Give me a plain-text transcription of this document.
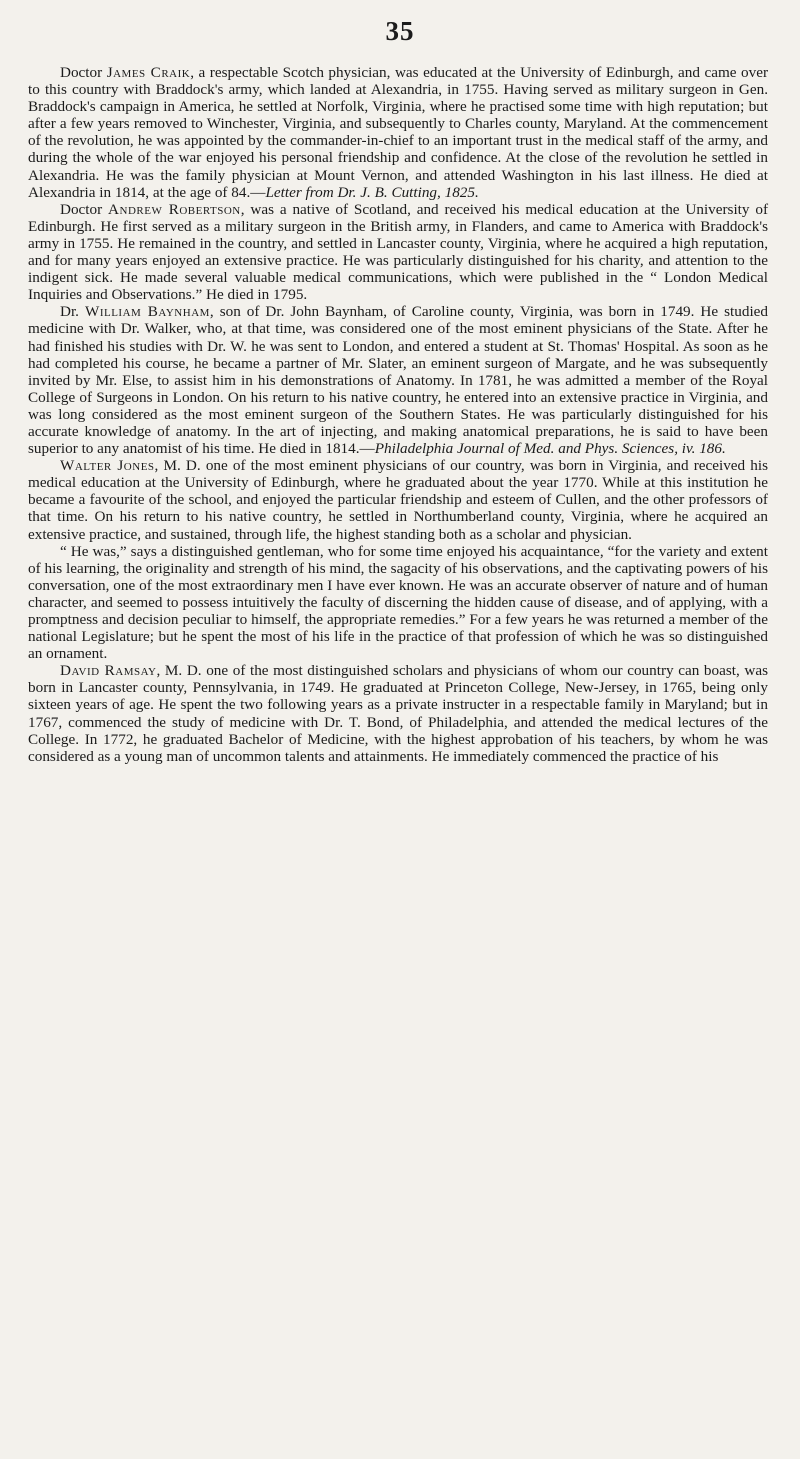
35

Doctor James Craik, a respectable Scotch physician, was educated at the University of Edinburgh, and came over to this country with Braddock's army, which landed at Alexandria, in 1755. Having served as military surgeon in Gen. Braddock's campaign in America, he settled at Norfolk, Virginia, where he practised some time with high reputation; but after a few years removed to Winchester, Virginia, and subsequently to Charles county, Maryland. At the commencement of the revolution, he was appointed by the commander-in-chief to an important trust in the medical staff of the army, and during the whole of the war enjoyed his personal friendship and confidence. At the close of the revolution he settled in Alexandria. He was the family physician at Mount Vernon, and attended Washington in his last illness. He died at Alexandria in 1814, at the age of 84.—Letter from Dr. J. B. Cutting, 1825.

Doctor Andrew Robertson, was a native of Scotland, and received his medical education at the University of Edinburgh. He first served as a military surgeon in the British army, in Flanders, and came to America with Braddock's army in 1755. He remained in the country, and settled in Lancaster county, Virginia, where he acquired a high reputation, and for many years enjoyed an extensive practice. He was particularly distinguished for his charity, and attention to the indigent sick. He made several valuable medical communications, which were published in the “ London Medical Inquiries and Observations.” He died in 1795.

Dr. William Baynham, son of Dr. John Baynham, of Caroline county, Virginia, was born in 1749. He studied medicine with Dr. Walker, who, at that time, was considered one of the most eminent physicians of the State. After he had finished his studies with Dr. W. he was sent to London, and entered a student at St. Thomas' Hospital. As soon as he had completed his course, he became a partner of Mr. Slater, an eminent surgeon of Margate, and he was subsequently invited by Mr. Else, to assist him in his demonstrations of Anatomy. In 1781, he was admitted a member of the Royal College of Surgeons in London. On his return to his native country, he entered into an extensive practice in Virginia, and was long considered as the most eminent surgeon of the Southern States. He was particularly distinguished for his accurate knowledge of anatomy. In the art of injecting, and making anatomical preparations, he is said to have been superior to any anatomist of his time. He died in 1814.—Philadelphia Journal of Med. and Phys. Sciences, iv. 186.

Walter Jones, M. D. one of the most eminent physicians of our country, was born in Virginia, and received his medical education at the University of Edinburgh, where he graduated about the year 1770. While at this institution he became a favourite of the school, and enjoyed the particular friendship and esteem of Cullen, and the other professors of that time. On his return to his native country, he settled in Northumberland county, Virginia, where he acquired an extensive practice, and sustained, through life, the highest standing both as a scholar and physician.

“ He was,” says a distinguished gentleman, who for some time enjoyed his acquaintance, “for the variety and extent of his learning, the originality and strength of his mind, the sagacity of his observations, and the captivating powers of his conversation, one of the most extraordinary men I have ever known. He was an accurate observer of nature and of human character, and seemed to possess intuitively the faculty of discerning the hidden cause of disease, and of applying, with a promptness and decision peculiar to himself, the appropriate remedies.” For a few years he was returned a member of the national Legislature; but he spent the most of his life in the practice of that profession of which he was so distinguished an ornament.

David Ramsay, M. D. one of the most distinguished scholars and physicians of whom our country can boast, was born in Lancaster county, Pennsylvania, in 1749. He graduated at Princeton College, New-Jersey, in 1765, being only sixteen years of age. He spent the two following years as a private instructer in a respectable family in Maryland; but in 1767, commenced the study of medicine with Dr. T. Bond, of Philadelphia, and attended the medical lectures of the College. In 1772, he graduated Bachelor of Medicine, with the highest approbation of his teachers, by whom he was considered as a young man of uncommon talents and attainments. He immediately commenced the practice of his
